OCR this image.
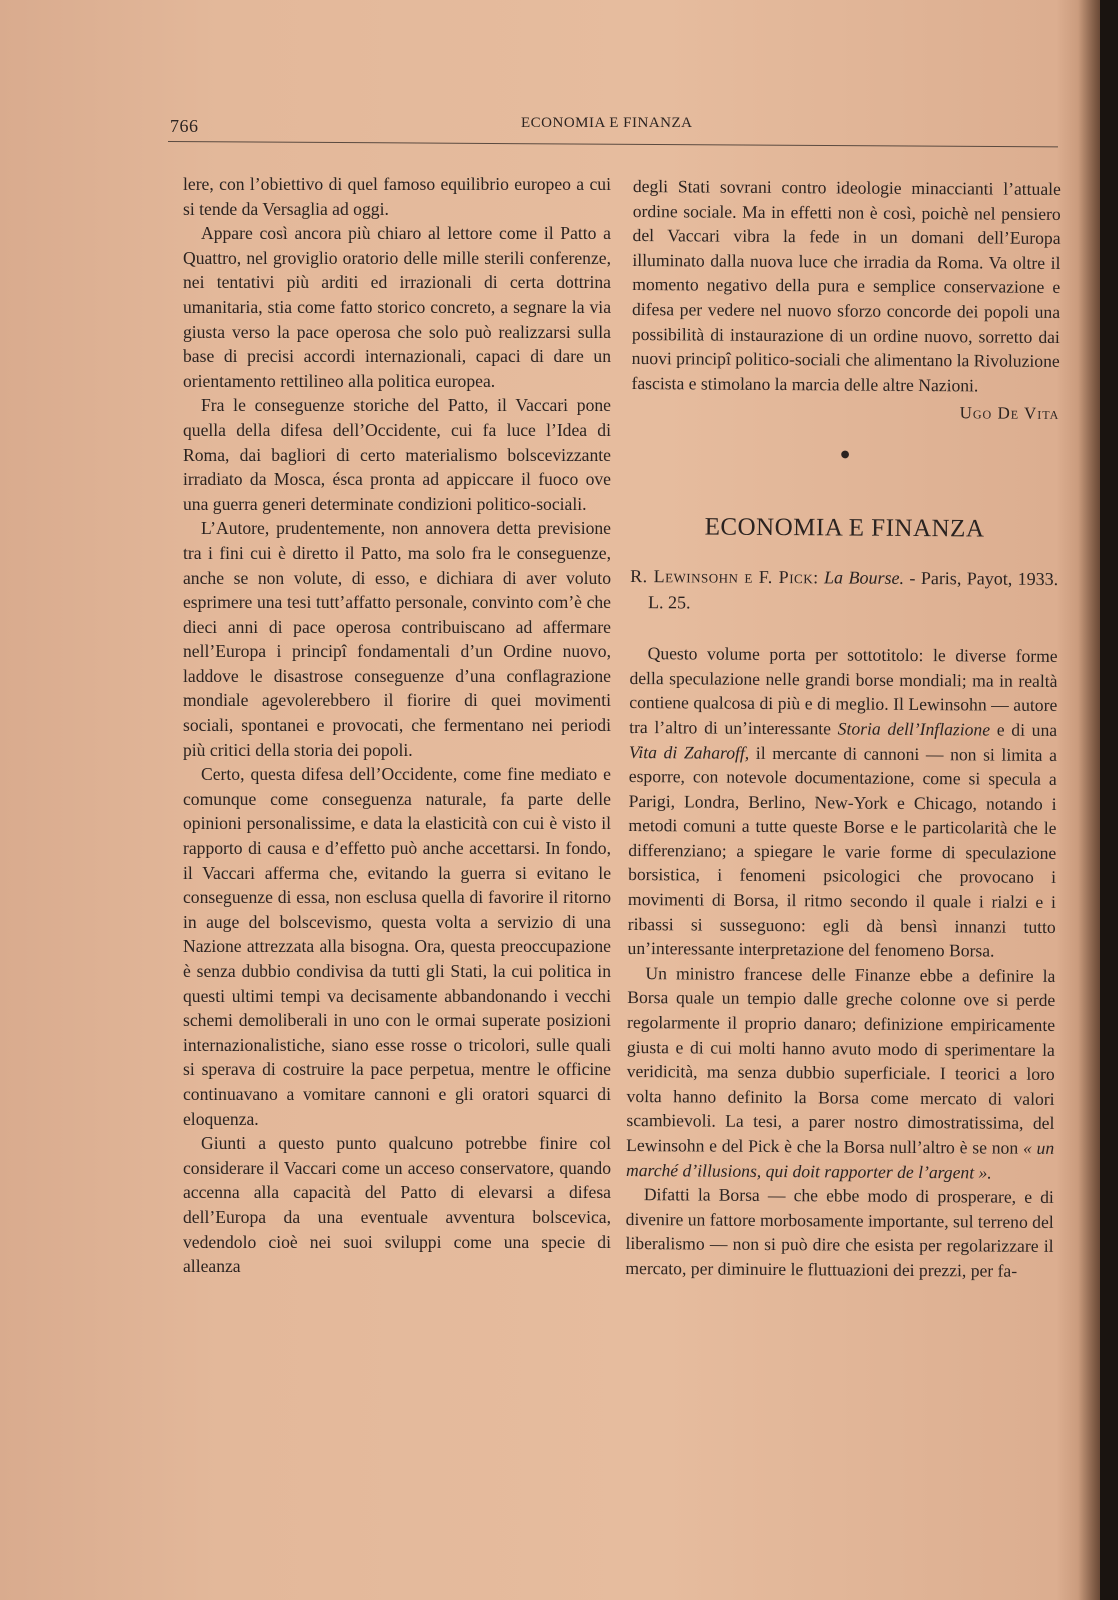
766	ECONOMIA E FINANZA

lere, con l’obiettivo di quel famoso equilibrio europeo a cui si tende da Versaglia ad oggi.

Appare così ancora più chiaro al lettore come il Patto a Quattro, nel groviglio oratorio delle mille sterili conferenze, nei tentativi più arditi ed irrazionali di certa dottrina umanitaria, stia come fatto storico concreto, a segnare la via giusta verso la pace operosa che solo può realizzarsi sulla base di precisi accordi internazionali, capaci di dare un orientamento rettilineo alla politica europea.

Fra le conseguenze storiche del Patto, il Vaccari pone quella della difesa dell’Occidente, cui fa luce l’Idea di Roma, dai bagliori di certo materialismo bolscevizzante irradiato da Mosca, ésca pronta ad appiccare il fuoco ove una guerra generi determinate condizioni politico-sociali.

L’Autore, prudentemente, non annovera detta previsione tra i fini cui è diretto il Patto, ma solo fra le conseguenze, anche se non volute, di esso, e dichiara di aver voluto esprimere una tesi tutt’affatto personale, convinto com’è che dieci anni di pace operosa contribuiscano ad affermare nell’Europa i principî fondamentali d’un Ordine nuovo, laddove le disastrose conseguenze d’una conflagrazione mondiale agevolerebbero il fiorire di quei movimenti sociali, spontanei e provocati, che fermentano nei periodi più critici della storia dei popoli.

Certo, questa difesa dell’Occidente, come fine mediato e comunque come conseguenza naturale, fa parte delle opinioni personalissime, e data la elasticità con cui è visto il rapporto di causa e d’effetto può anche accettarsi. In fondo, il Vaccari afferma che, evitando la guerra si evitano le conseguenze di essa, non esclusa quella di favorire il ritorno in auge del bolscevismo, questa volta a servizio di una Nazione attrezzata alla bisogna. Ora, questa preoccupazione è senza dubbio condivisa da tutti gli Stati, la cui politica in questi ultimi tempi va decisamente abbandonando i vecchi schemi demoliberali in uno con le ormai superate posizioni internazionalistiche, siano esse rosse o tricolori, sulle quali si sperava di costruire la pace perpetua, mentre le officine continuavano a vomitare cannoni e gli oratori squarci di eloquenza.

Giunti a questo punto qualcuno potrebbe finire col considerare il Vaccari come un acceso conservatore, quando accenna alla capacità del Patto di elevarsi a difesa dell’Europa da una eventuale avventura bolscevica, vedendolo cioè nei suoi sviluppi come una specie di alleanza

degli Stati sovrani contro ideologie minaccianti l’attuale ordine sociale. Ma in effetti non è così, poichè nel pensiero del Vaccari vibra la fede in un domani dell’Europa illuminato dalla nuova luce che irradia da Roma. Va oltre il momento negativo della pura e semplice conservazione e difesa per vedere nel nuovo sforzo concorde dei popoli una possibilità di instaurazione di un ordine nuovo, sorretto dai nuovi principî politico-sociali che alimentano la Rivoluzione fascista e stimolano la marcia delle altre Nazioni.

Ugo De Vita
●
ECONOMIA E FINANZA
R. Lewinsohn e F. Pick: La Bourse. - Paris, Payot, 1933. L. 25.

Questo volume porta per sottotitolo: le diverse forme della speculazione nelle grandi borse mondiali; ma in realtà contiene qualcosa di più e di meglio. Il Lewinsohn — autore tra l’altro di un’interessante Storia dell’Inflazione e di una Vita di Zaharoff, il mercante di cannoni — non si limita a esporre, con notevole documentazione, come si specula a Parigi, Londra, Berlino, New-York e Chicago, notando i metodi comuni a tutte queste Borse e le particolarità che le differenziano; a spiegare le varie forme di speculazione borsistica, i fenomeni psicologici che provocano i movimenti di Borsa, il ritmo secondo il quale i rialzi e i ribassi si susseguono: egli dà bensì innanzi tutto un’interessante interpretazione del fenomeno Borsa.

Un ministro francese delle Finanze ebbe a definire la Borsa quale un tempio dalle greche colonne ove si perde regolarmente il proprio danaro; definizione empiricamente giusta e di cui molti hanno avuto modo di sperimentare la veridicità, ma senza dubbio superficiale. I teorici a loro volta hanno definito la Borsa come mercato di valori scambievoli. La tesi, a parer nostro dimostratissima, del Lewinsohn e del Pick è che la Borsa null’altro è se non « un marché d’illusions, qui doit rapporter de l’argent ».

Difatti la Borsa — che ebbe modo di prosperare, e di divenire un fattore morbosamente importante, sul terreno del liberalismo — non si può dire che esista per regolarizzare il mercato, per diminuire le fluttuazioni dei prezzi, per fa-
